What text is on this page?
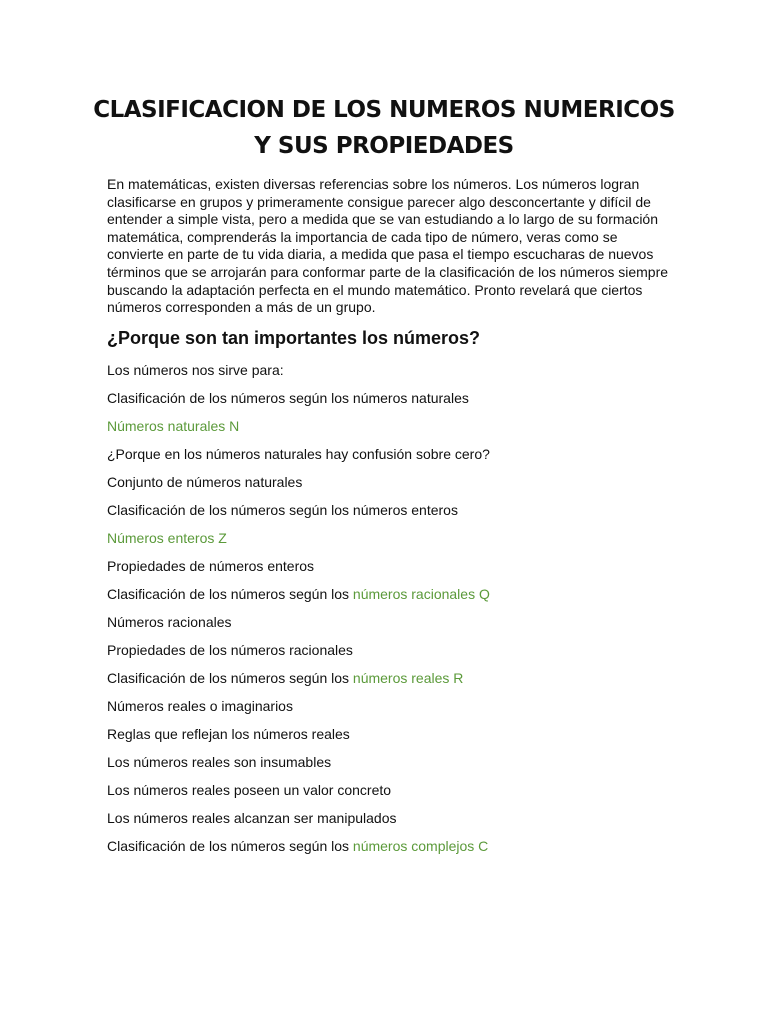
CLASIFICACION DE LOS NUMEROS NUMERICOS
Y SUS PROPIEDADES

En matemáticas, existen diversas referencias sobre los números. Los números logran
clasificarse en grupos y primeramente consigue parecer algo desconcertante y difícil de
entender a simple vista, pero a medida que se van estudiando a lo largo de su formación
matemática, comprenderás la importancia de cada tipo de número, veras como se
convierte en parte de tu vida diaria, a medida que pasa el tiempo escucharas de nuevos
términos que se arrojarán para conformar parte de la clasificación de los números siempre
buscando la adaptación perfecta en el mundo matemático. Pronto revelará que ciertos
números corresponden a más de un grupo.

¿Porque son tan importantes los números?

Los números nos sirve para:

Clasificación de los números según los números naturales

Números naturales N

¿Porque en los números naturales hay confusión sobre cero?

Conjunto de números naturales

Clasificación de los números según los números enteros

Números enteros Z

Propiedades de números enteros

Clasificación de los números según los números racionales Q

Números racionales

Propiedades de los números racionales

Clasificación de los números según los números reales R

Números reales o imaginarios

Reglas que reflejan los números reales

Los números reales son insumables

Los números reales poseen un valor concreto

Los números reales alcanzan ser manipulados

Clasificación de los números según los números complejos C
